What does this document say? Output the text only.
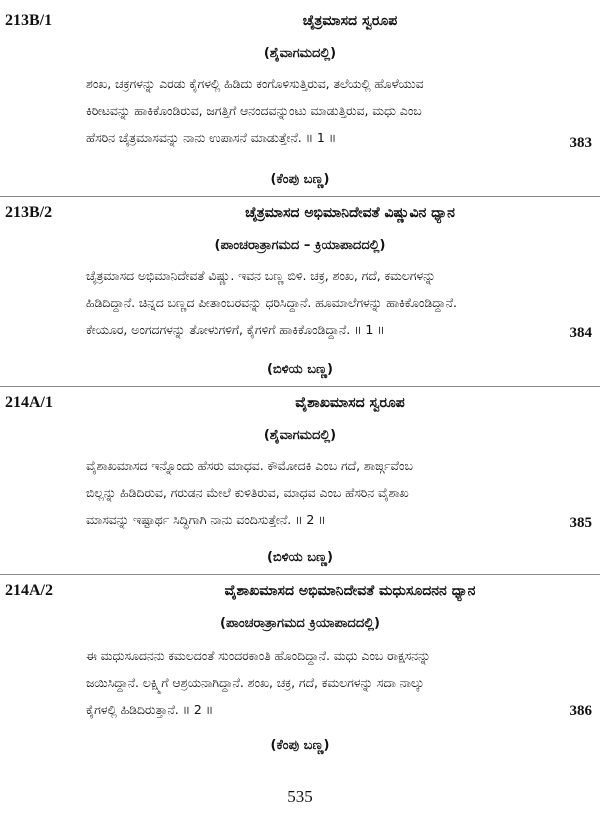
213B/1	ಚೈತ್ರಮಾಸದ ಸ್ವರೂಪ
(ಶೈವಾಗಮದಲ್ಲಿ)
ಶಂಖ, ಚಕ್ರಗಳನ್ನು ಎರಡು ಕೈಗಳಲ್ಲಿ ಹಿಡಿದು ಕಂಗೊಳಿಸುತ್ತಿರುವ, ತಲೆಯಲ್ಲಿ ಹೊಳೆಯುವ
ಕಿರೀಟವನ್ನು ಹಾಕಿಕೊಂಡಿರುವ, ಜಗತ್ತಿಗೆ ಆನಂದವನ್ನುಂಟು ಮಾಡುತ್ತಿರುವ, ಮಧು ಎಂಬ
ಹೆಸರಿನ ಚೈತ್ರಮಾಸವನ್ನು ನಾನು ಉಪಾಸನೆ ಮಾಡುತ್ತೇನೆ. ॥ 1 ॥	383
(ಕೆಂಪು ಬಣ್ಣ)
213B/2	ಚೈತ್ರಮಾಸದ ಅಭಿಮಾನಿದೇವತೆ ವಿಷ್ಣುವಿನ ಧ್ಯಾನ
(ಪಾಂಚರಾತ್ರಾಗಮದ – ಕ್ರಿಯಾಪಾದದಲ್ಲಿ)
ಚೈತ್ರಮಾಸದ ಅಭಿಮಾನಿದೇವತೆ ವಿಷ್ಣು. ಇವನ ಬಣ್ಣ ಬಿಳಿ. ಚಕ್ರ, ಶಂಖ, ಗದೆ, ಕಮಲಗಳನ್ನು
ಹಿಡಿದಿದ್ದಾನೆ. ಚಿನ್ನದ ಬಣ್ಣದ ಪೀತಾಂಬರವನ್ನು ಧರಿಸಿದ್ದಾನೆ. ಹೂಮಾಲೆಗಳನ್ನು ಹಾಕಿಕೊಂಡಿದ್ದಾನೆ.
ಕೇಯೂರ, ಅಂಗದಗಳನ್ನು ತೋಳುಗಳಿಗೆ, ಕೈಗಳಿಗೆ ಹಾಕಿಕೊಂಡಿದ್ದಾನೆ. ॥ 1 ॥	384
(ಬಿಳಿಯ ಬಣ್ಣ)
214A/1	ವೈಶಾಖಮಾಸದ ಸ್ವರೂಪ
(ಶೈವಾಗಮದಲ್ಲಿ)
ವೈಶಾಖಮಾಸದ ಇನ್ನೊಂದು ಹೆಸರು ಮಾಧವ. ಕೌಮೋದಕಿ ಎಂಬ ಗದೆ, ಶಾರ್ಙ್ಗವೆಂಬ
ಬಿಲ್ಲನ್ನು ಹಿಡಿದಿರುವ, ಗರುಡನ ಮೇಲೆ ಕುಳಿತಿರುವ, ಮಾಧವ ಎಂಬ ಹೆಸರಿನ ವೈಶಾಖ
ಮಾಸವನ್ನು ಇಷ್ಟಾರ್ಥ ಸಿದ್ಧಿಗಾಗಿ ನಾನು ವಂದಿಸುತ್ತೇನೆ. ॥ 2 ॥	385
(ಬಿಳಿಯ ಬಣ್ಣ)
214A/2	ವೈಶಾಖಮಾಸದ ಅಭಿಮಾನಿದೇವತೆ ಮಧುಸೂದನನ ಧ್ಯಾನ
(ಪಾಂಚರಾತ್ರಾಗಮದ ಕ್ರಿಯಾಪಾದದಲ್ಲಿ)
ಈ ಮಧುಸೂದನನು ಕಮಲದಂತೆ ಸುಂದರಕಾಂತಿ ಹೊಂದಿದ್ದಾನೆ. ಮಧು ಎಂಬ ರಾಕ್ಷಸನನ್ನು
ಜಯಿಸಿದ್ದಾನೆ. ಲಕ್ಷ್ಮಿಗೆ ಆಶ್ರಯನಾಗಿದ್ದಾನೆ. ಶಂಖ, ಚಕ್ರ, ಗದೆ, ಕಮಲಗಳನ್ನು ಸದಾ ನಾಲ್ಕು
ಕೈಗಳಲ್ಲಿ ಹಿಡಿದಿರುತ್ತಾನೆ. ॥ 2 ॥	386
(ಕೆಂಪು ಬಣ್ಣ)
535
